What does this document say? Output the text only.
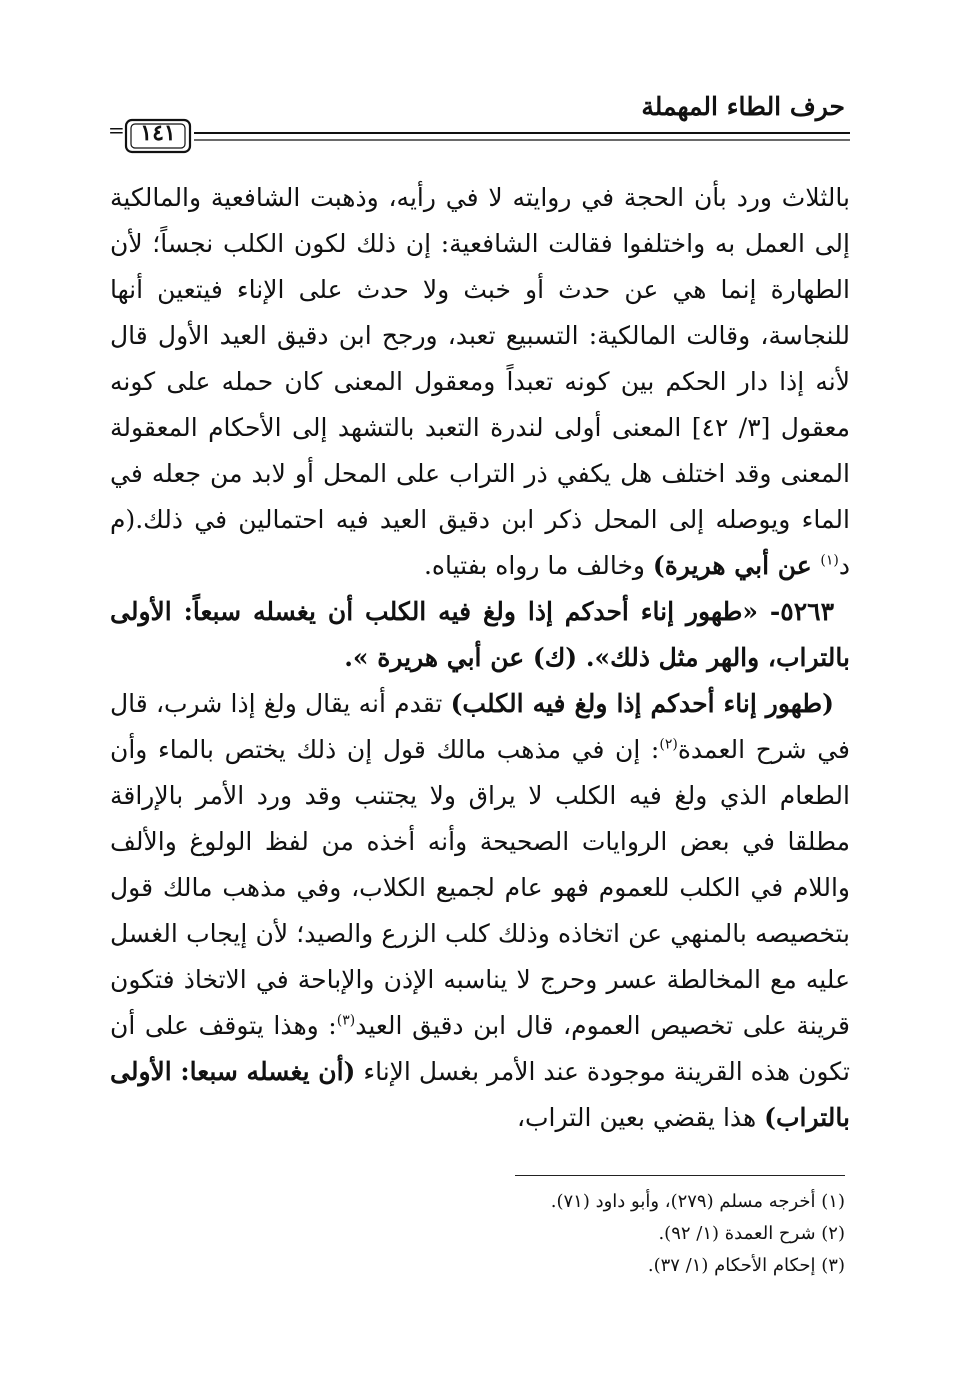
حرف الطاء المهملة
١٤١
=

بالثلاث ورد بأن الحجة في روايته لا في رأيه، وذهبت الشافعية والمالكية إلى العمل به واختلفوا فقالت الشافعية: إن ذلك لكون الكلب نجساً؛ لأن الطهارة إنما هي عن حدث أو خبث ولا حدث على الإناء فيتعين أنها للنجاسة، وقالت المالكية: التسبيع تعبد، ورجح ابن دقيق العيد الأول قال لأنه إذا دار الحكم بين كونه تعبداً ومعقول المعنى كان حمله على كونه معقول [٣/ ٤٢] المعنى أولى لندرة التعبد بالتشهد إلى الأحكام المعقولة المعنى وقد اختلف هل يكفي ذر التراب على المحل أو لابد من جعله في الماء ويوصله إلى المحل ذكر ابن دقيق العيد فيه احتمالين في ذلك.(م د$^{(١)}$ عن أبي هريرة) وخالف ما رواه بفتياه.

٥٢٦٣- «طهور إناء أحدكم إذا ولغ فيه الكلب أن يغسله سبعاً: الأولى بالتراب، والهر مثل ذلك». (ك) عن أبي هريرة ».

(طهور إناء أحدكم إذا ولغ فيه الكلب) تقدم أنه يقال ولغ إذا شرب، قال في شرح العمدة$^{(٢)}$: إن في مذهب مالك قول إن ذلك يختص بالماء وأن الطعام الذي ولغ فيه الكلب لا يراق ولا يجتنب وقد ورد الأمر بالإراقة مطلقا في بعض الروايات الصحيحة وأنه أخذه من لفظ الولوغ والألف واللام في الكلب للعموم فهو عام لجميع الكلاب، وفي مذهب مالك قول بتخصيصه بالمنهي عن اتخاذه وذلك كلب الزرع والصيد؛ لأن إيجاب الغسل عليه مع المخالطة عسر وحرج لا يناسبه الإذن والإباحة في الاتخاذ فتكون قرينة على تخصيص العموم، قال ابن دقيق العيد$^{(٣)}$: وهذا يتوقف على أن تكون هذه القرينة موجودة عند الأمر بغسل الإناء (أن يغسله سبعا: الأولى بالتراب) هذا يقضي بعين التراب،

(١) أخرجه مسلم (٢٧٩)، وأبو داود (٧١).
(٢) شرح العمدة (١/ ٩٢).
(٣) إحكام الأحكام (١/ ٣٧).
